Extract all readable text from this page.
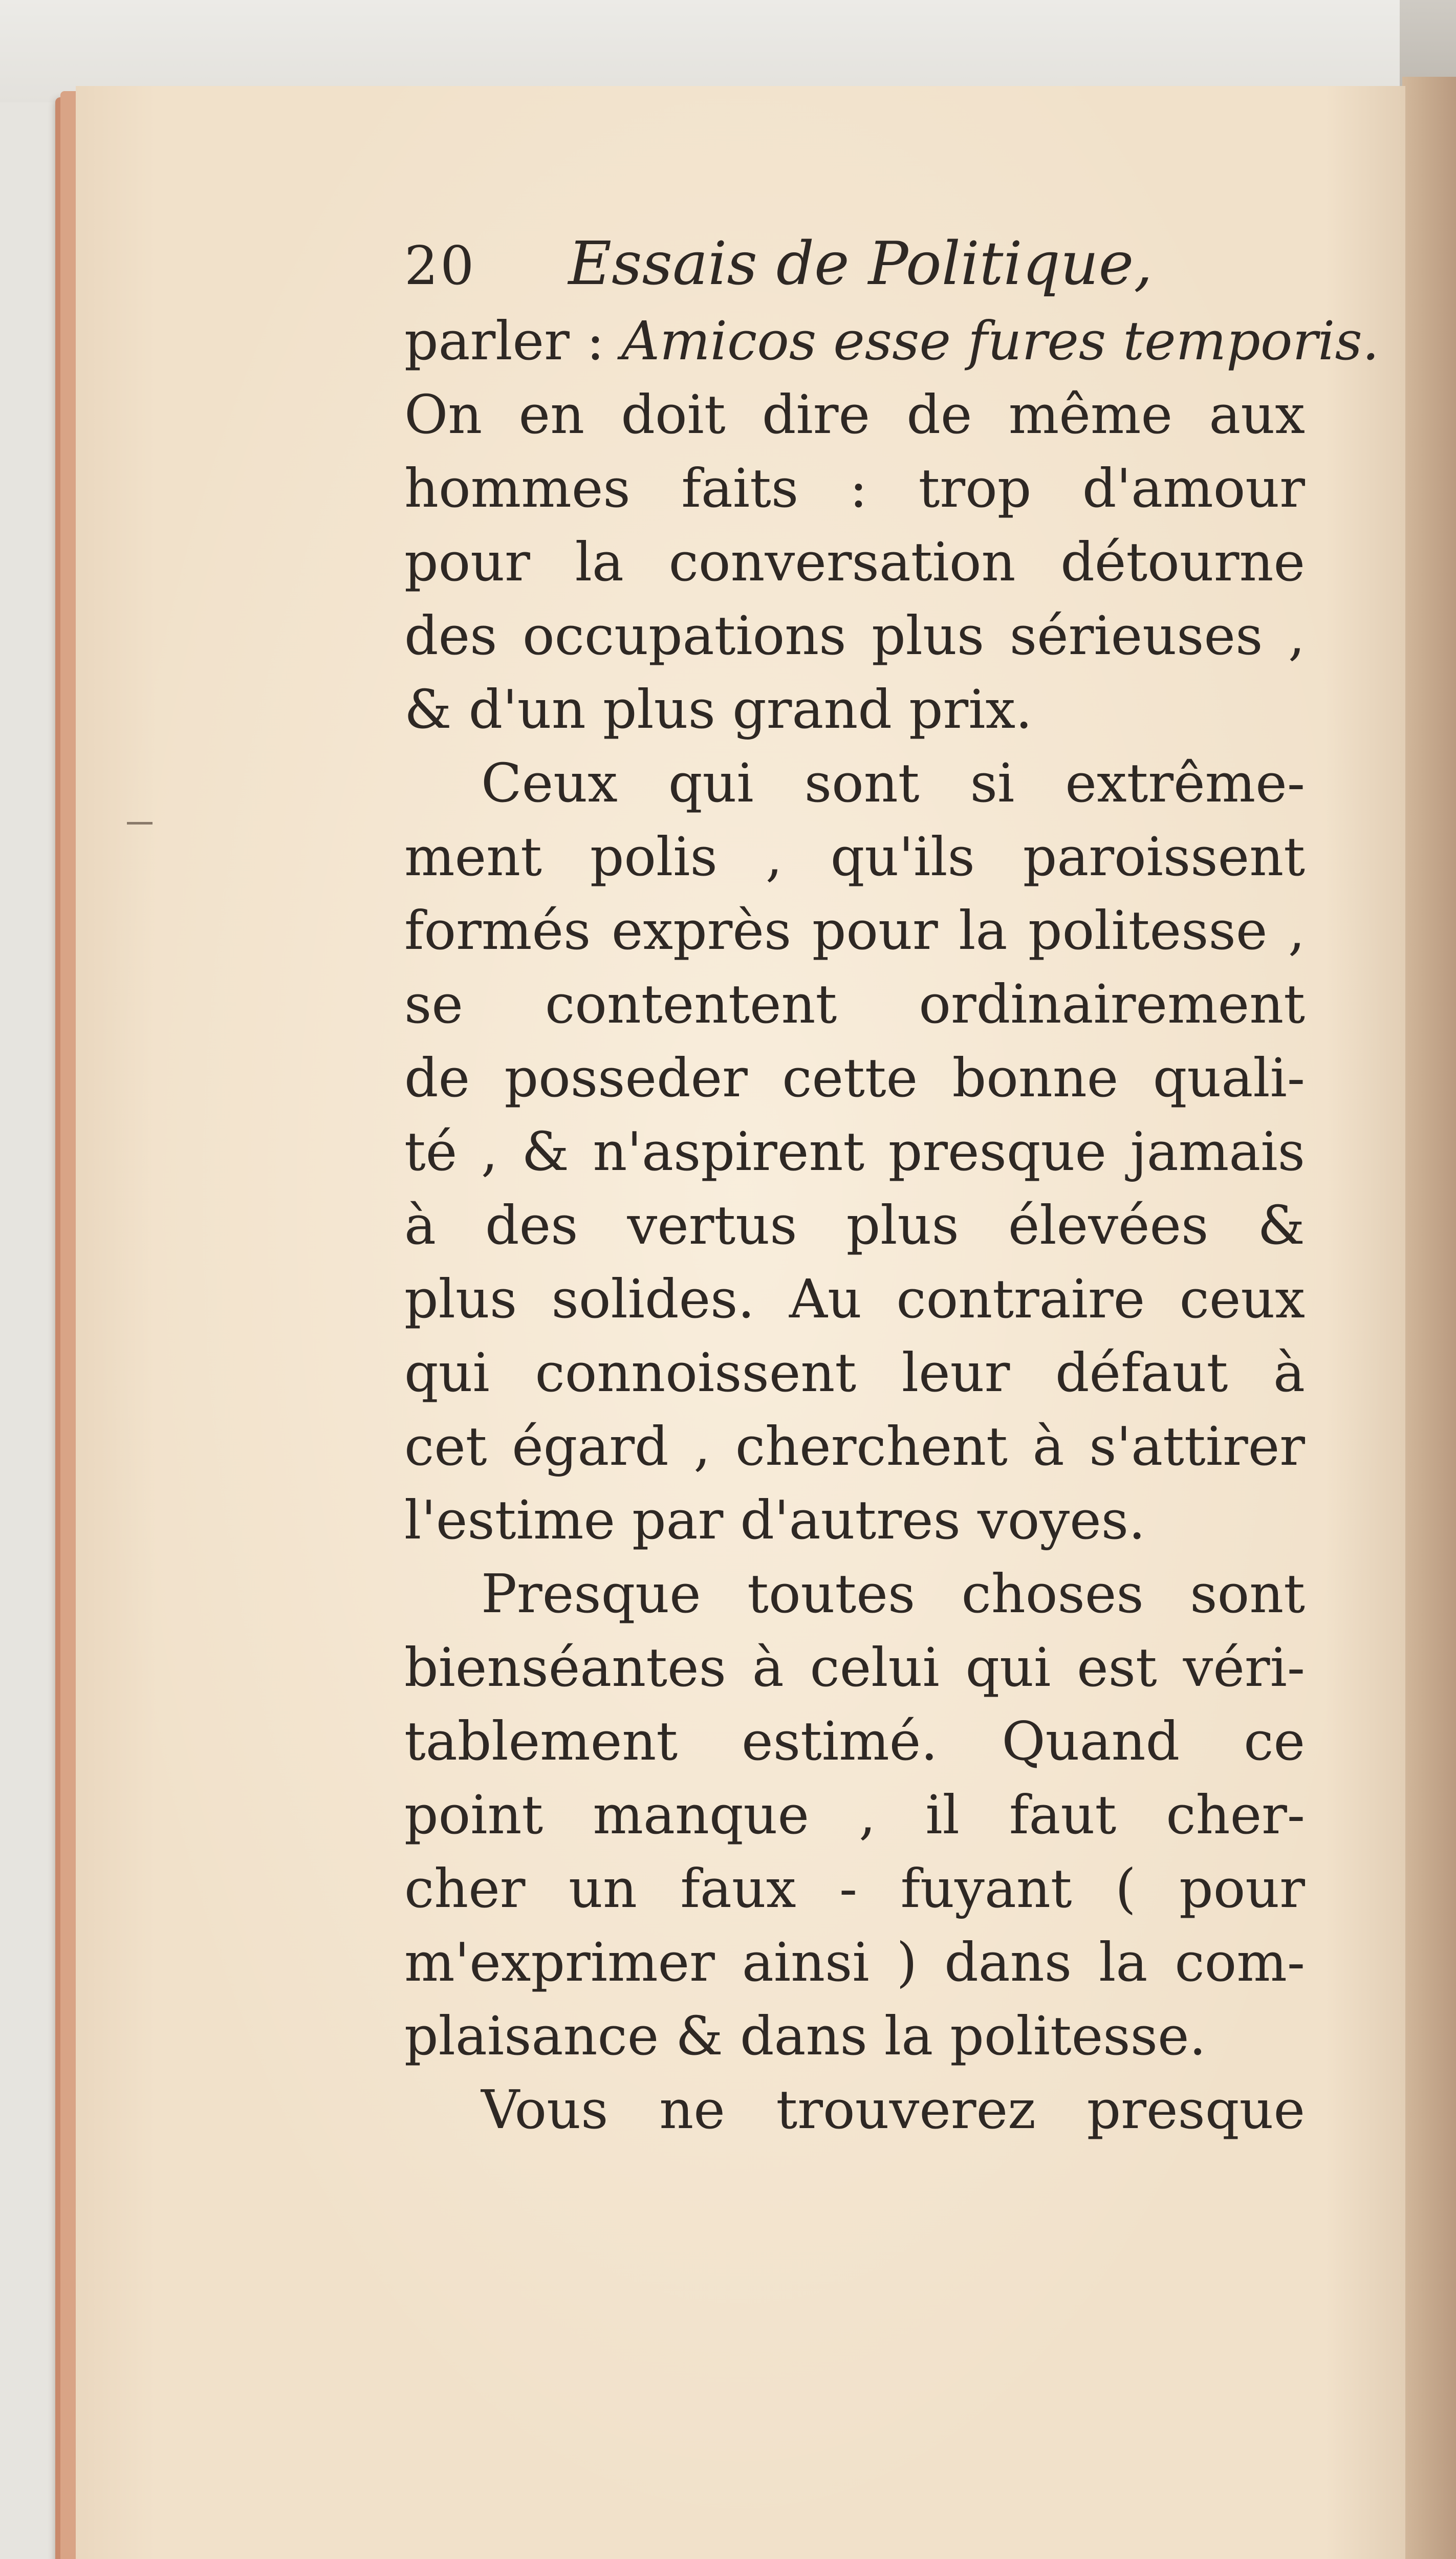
20 Essais de Politique,
parler : Amicos esse fures temporis.
On en doit dire de même aux
hommes faits : trop d'amour
pour la conversation détourne
des occupations plus sérieuses ,
& d'un plus grand prix.
Ceux qui sont si extrême-
ment polis , qu'ils paroissent
formés exprès pour la politesse ,
se contentent ordinairement
de posseder cette bonne quali-
té , & n'aspirent presque jamais
à des vertus plus élevées &
plus solides. Au contraire ceux
qui connoissent leur défaut à
cet égard , cherchent à s'attirer
l'estime par d'autres voyes.
Presque toutes choses sont
bienséantes à celui qui est véri-
tablement estimé. Quand ce
point manque , il faut cher-
cher un faux - fuyant ( pour
m'exprimer ainsi ) dans la com-
plaisance & dans la politesse.
Vous ne trouverez presque
